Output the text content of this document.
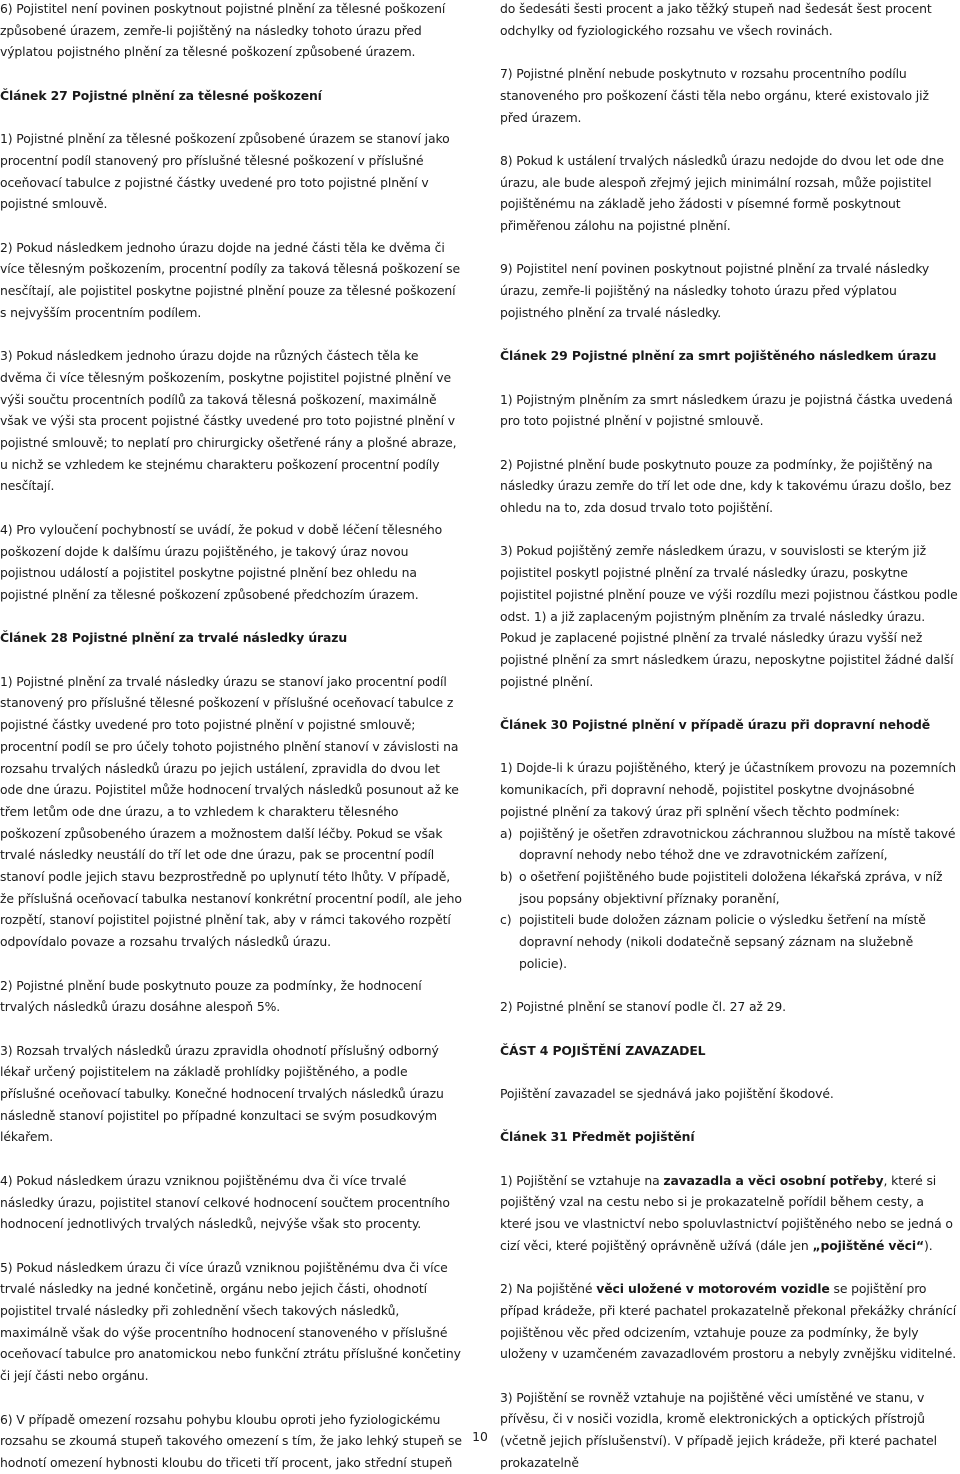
6) Pojistitel není povinen poskytnout pojistné plnění za tělesné poškození způsobené úrazem, zemře-li pojištěný na následky tohoto úrazu před výplatou pojistného plnění za tělesné poškození způsobené úrazem.

Článek 27 Pojistné plnění za tělesné poškození

1) Pojistné plnění za tělesné poškození způsobené úrazem se stanoví jako procentní podíl stanovený pro příslušné tělesné poškození v příslušné oceňovací tabulce z pojistné částky uvedené pro toto pojistné plnění v pojistné smlouvě.

2) Pokud následkem jednoho úrazu dojde na jedné části těla ke dvěma či více tělesným poškozením, procentní podíly za taková tělesná poškození se nesčítají, ale pojistitel poskytne pojistné plnění pouze za tělesné poškození s nejvyšším procentním podílem.

3) Pokud následkem jednoho úrazu dojde na různých částech těla ke dvěma či více tělesným poškozením, poskytne pojistitel pojistné plnění ve výši součtu procentních podílů za taková tělesná poškození, maximálně však ve výši sta procent pojistné částky uvedené pro toto pojistné plnění v pojistné smlouvě; to neplatí pro chirurgicky ošetřené rány a plošné abraze, u nichž se vzhledem ke stejnému charakteru poškození procentní podíly nesčítají.

4) Pro vyloučení pochybností se uvádí, že pokud v době léčení tělesného poškození dojde k dalšímu úrazu pojištěného, je takový úraz novou pojistnou událostí a pojistitel poskytne pojistné plnění bez ohledu na pojistné plnění za tělesné poškození způsobené předchozím úrazem.

Článek 28 Pojistné plnění za trvalé následky úrazu

1) Pojistné plnění za trvalé následky úrazu se stanoví jako procentní podíl stanovený pro příslušné tělesné poškození v příslušné oceňovací tabulce z pojistné částky uvedené pro toto pojistné plnění v pojistné smlouvě; procentní podíl se pro účely tohoto pojistného plnění stanoví v závislosti na rozsahu trvalých následků úrazu po jejich ustálení, zpravidla do dvou let ode dne úrazu. Pojistitel může hodnocení trvalých následků posunout až ke třem letům ode dne úrazu, a to vzhledem k charakteru tělesného poškození způsobeného úrazem a možnostem další léčby. Pokud se však trvalé následky neustálí do tří let ode dne úrazu, pak se procentní podíl stanoví podle jejich stavu bezprostředně po uplynutí této lhůty. V případě, že příslušná oceňovací tabulka nestanoví konkrétní procentní podíl, ale jeho rozpětí, stanoví pojistitel pojistné plnění tak, aby v rámci takového rozpětí odpovídalo povaze a rozsahu trvalých následků úrazu.

2) Pojistné plnění bude poskytnuto pouze za podmínky, že hodnocení trvalých následků úrazu dosáhne alespoň 5%.

3) Rozsah trvalých následků úrazu zpravidla ohodnotí příslušný odborný lékař určený pojistitelem na základě prohlídky pojištěného, a podle příslušné oceňovací tabulky. Konečné hodnocení trvalých následků úrazu následně stanoví pojistitel po případné konzultaci se svým posudkovým lékařem.

4) Pokud následkem úrazu vzniknou pojištěnému dva či více trvalé následky úrazu, pojistitel stanoví celkové hodnocení součtem procentního hodnocení jednotlivých trvalých následků, nejvýše však sto procenty.

5) Pokud následkem úrazu či více úrazů vzniknou pojištěnému dva či více trvalé následky na jedné končetině, orgánu nebo jejich části, ohodnotí pojistitel trvalé následky při zohlednění všech takových následků, maximálně však do výše procentního hodnocení stanoveného v příslušné oceňovací tabulce pro anatomickou nebo funkční ztrátu příslušné končetiny či její části nebo orgánu.

6) V případě omezení rozsahu pohybu kloubu oproti jeho fyziologickému rozsahu se zkoumá stupeň takového omezení s tím, že jako lehký stupeň se hodnotí omezení hybnosti kloubu do třiceti tří procent, jako střední stupeň

do šedesáti šesti procent a jako těžký stupeň nad šedesát šest procent odchylky od fyziologického rozsahu ve všech rovinách.

7) Pojistné plnění nebude poskytnuto v rozsahu procentního podílu stanoveného pro poškození části těla nebo orgánu, které existovalo již před úrazem.

8) Pokud k ustálení trvalých následků úrazu nedojde do dvou let ode dne úrazu, ale bude alespoň zřejmý jejich minimální rozsah, může pojistitel pojištěnému na základě jeho žádosti v písemné formě poskytnout přiměřenou zálohu na pojistné plnění.

9) Pojistitel není povinen poskytnout pojistné plnění za trvalé následky úrazu, zemře-li pojištěný na následky tohoto úrazu před výplatou pojistného plnění za trvalé následky.

Článek 29 Pojistné plnění za smrt pojištěného následkem úrazu

1) Pojistným plněním za smrt následkem úrazu je pojistná částka uvedená pro toto pojistné plnění v pojistné smlouvě.

2) Pojistné plnění bude poskytnuto pouze za podmínky, že pojištěný na následky úrazu zemře do tří let ode dne, kdy k takovému úrazu došlo, bez ohledu na to, zda dosud trvalo toto pojištění.

3) Pokud pojištěný zemře následkem úrazu, v souvislosti se kterým již pojistitel poskytl pojistné plnění za trvalé následky úrazu, poskytne pojistitel pojistné plnění pouze ve výši rozdílu mezi pojistnou částkou podle odst. 1) a již zaplaceným pojistným plněním za trvalé následky úrazu. Pokud je zaplacené pojistné plnění za trvalé následky úrazu vyšší než pojistné plnění za smrt následkem úrazu, neposkytne pojistitel žádné další pojistné plnění.

Článek 30 Pojistné plnění v případě úrazu při dopravní nehodě

1) Dojde-li k úrazu pojištěného, který je účastníkem provozu na pozemních komunikacích, při dopravní nehodě, pojistitel poskytne dvojnásobné pojistné plnění za takový úraz při splnění všech těchto podmínek:

a) pojištěný je ošetřen zdravotnickou záchrannou službou na místě takové dopravní nehody nebo téhož dne ve zdravotnickém zařízení,
b) o ošetření pojištěného bude pojistiteli doložena lékařská zpráva, v níž jsou popsány objektivní příznaky poranění,
c) pojistiteli bude doložen záznam policie o výsledku šetření na místě dopravní nehody (nikoli dodatečně sepsaný záznam na služebně policie).

2) Pojistné plnění se stanoví podle čl. 27 až 29.

ČÁST 4 POJIŠTĚNÍ ZAVAZADEL

Pojištění zavazadel se sjednává jako pojištění škodové.

Článek 31 Předmět pojištění

1) Pojištění se vztahuje na zavazadla a věci osobní potřeby, které si pojištěný vzal na cestu nebo si je prokazatelně pořídil během cesty, a které jsou ve vlastnictví nebo spoluvlastnictví pojištěného nebo se jedná o cizí věci, které pojištěný oprávněně užívá (dále jen „pojištěné věci“).

2) Na pojištěné věci uložené v motorovém vozidle se pojištění pro případ krádeže, při které pachatel prokazatelně překonal překážky chránící pojištěnou věc před odcizením, vztahuje pouze za podmínky, že byly uloženy v uzamčeném zavazadlovém prostoru a nebyly zvnějšku viditelné.

3) Pojištění se rovněž vztahuje na pojištěné věci umístěné ve stanu, v přívěsu, či v nosiči vozidla, kromě elektronických a optických přístrojů (včetně jejich příslušenství). V případě jejich krádeže, při které pachatel prokazatelně

10
